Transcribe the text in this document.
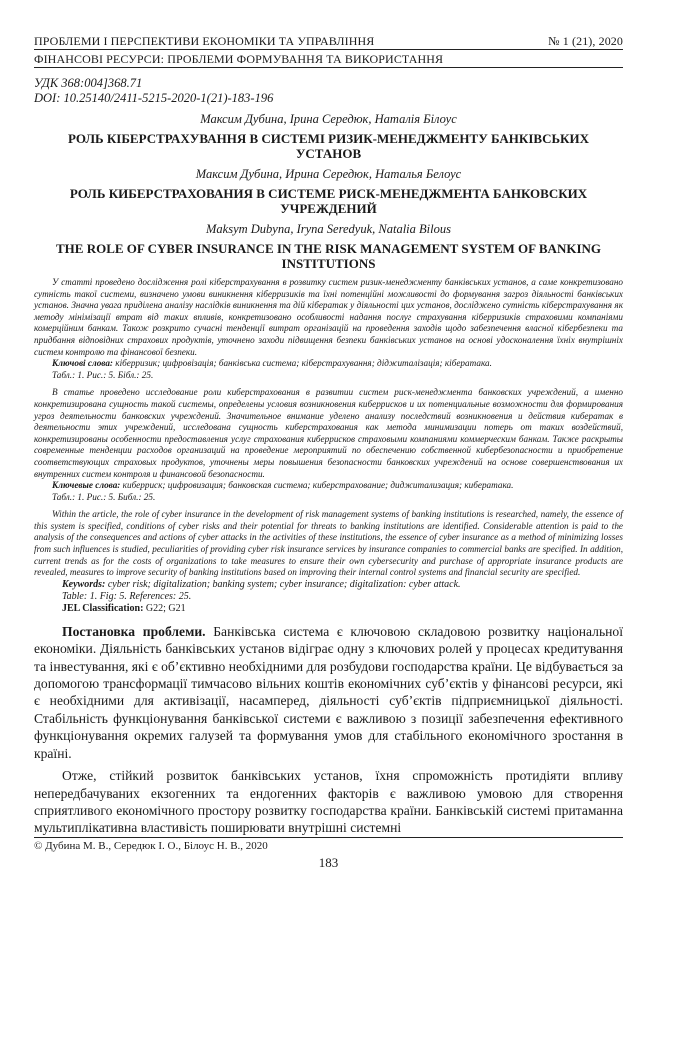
ПРОБЛЕМИ І ПЕРСПЕКТИВИ ЕКОНОМІКИ ТА УПРАВЛІННЯ	№ 1 (21), 2020
ФІНАНСОВІ РЕСУРСИ: ПРОБЛЕМИ ФОРМУВАННЯ ТА ВИКОРИСТАННЯ
УДК 368:004]368.71
DOI: 10.25140/2411-5215-2020-1(21)-183-196
Максим Дубина, Ірина Середюк, Наталія Білоус
РОЛЬ КІБЕРСТРАХУВАННЯ В СИСТЕМІ РИЗИК-МЕНЕДЖМЕНТУ БАНКІВСЬКИХ УСТАНОВ
Максим Дубина, Ирина Середюк, Наталья Белоус
РОЛЬ КИБЕРСТРАХОВАНИЯ В СИСТЕМЕ РИСК-МЕНЕДЖМЕНТА БАНКОВСКИХ УЧРЕЖДЕНИЙ
Maksym Dubyna, Iryna Seredyuk, Natalia Bilous
THE ROLE OF CYBER INSURANCE IN THE RISK MANAGEMENT SYSTEM OF BANKING INSTITUTIONS
У статті проведено дослідження ролі кіберстрахування в розвитку систем ризик-менеджменту банківських установ, а саме конкретизовано сутність такої системи, визначено умови виникнення кіберризиків та їхні потенційні можливості до формування загроз діяльності банківських установ. Значна увага приділена аналізу наслідків виникнення та дій кібератак у діяльності цих установ, досліджено сутність кіберстрахування як методу мінімізації втрат від таких впливів, конкретизовано особливості надання послуг страхування кіберризиків страховими компаніями комерційним банкам. Також розкрито сучасні тенденції витрат організацій на проведення заходів щодо забезпечення власної кібербезпеки та придбання відповідних страхових продуктів, уточнено заходи підвищення безпеки банківських установ на основі удосконалення їхніх внутрішніх систем контролю та фінансової безпеки.
Ключові слова: кіберризик; цифровізація; банківська система; кіберстрахування; діджиталізація; кібератака.
Табл.: 1. Рис.: 5. Бібл.: 25.
В статье проведено исследование роли киберстрахования в развитии систем риск-менеджмента банковских учреждений, а именно конкретизирована сущность такой системы, определены условия возникновения киберрисков и их потенциальные возможности для формирования угроз деятельности банковских учреждений. Значительное внимание уделено анализу последствий возникновения и действия кибератак в деятельности этих учреждений, исследована сущность киберстрахования как метода минимизации потерь от таких воздействий, конкретизированы особенности предоставления услуг страхования киберрисков страховыми компаниями коммерческим банкам. Также раскрыты современные тенденции расходов организаций на проведение мероприятий по обеспечению собственной кибербезопасности и приобретение соответствующих страховых продуктов, уточнены меры повышения безопасности банковских учреждений на основе совершенствования их внутренних систем контроля и финансовой безопасности.
Ключевые слова: киберриск; цифровизация; банковская система; киберстрахование; диджитализация; кибератака.
Табл.: 1. Рис.: 5. Библ.: 25.
Within the article, the role of cyber insurance in the development of risk management systems of banking institutions is researched, namely, the essence of this system is specified, conditions of cyber risks and their potential for threats to banking institutions are identified. Considerable attention is paid to the analysis of the consequences and actions of cyber attacks in the activities of these institutions, the essence of cyber insurance as a method of minimizing losses from such influences is studied, peculiarities of providing cyber risk insurance services by insurance companies to commercial banks are specified. In addition, current trends as for the costs of organizations to take measures to ensure their own cybersecurity and purchase of appropriate insurance products are revealed, measures to improve security of banking institutions based on improving their internal control systems and financial security are specified.
Keywords: cyber risk; digitalization; banking system; cyber insurance; digitalization: cyber attack.
Table: 1. Fig: 5. References: 25.
JEL Classification: G22; G21
Постановка проблеми. Банківська система є ключовою складовою розвитку національної економіки. Діяльність банківських установ відіграє одну з ключових ролей у процесах кредитування та інвестування, які є об’єктивно необхідними для розбудови господарства країни. Це відбувається за допомогою трансформації тимчасово вільних коштів економічних суб’єктів у фінансові ресурси, які є необхідними для активізації, насамперед, діяльності суб’єктів підприємницької діяльності. Стабільність функціонування банківської системи є важливою з позиції забезпечення ефективного функціонування окремих галузей та формування умов для стабільного економічного зростання в країні.
Отже, стійкий розвиток банківських установ, їхня спроможність протидіяти впливу непередбачуваних екзогенних та ендогенних факторів є важливою умовою для створення сприятливого економічного простору розвитку господарства країни. Банківській системі притаманна мультиплікативна властивість поширювати внутрішні системні
© Дубина М. В., Середюк І. О., Білоус Н. В., 2020
183
